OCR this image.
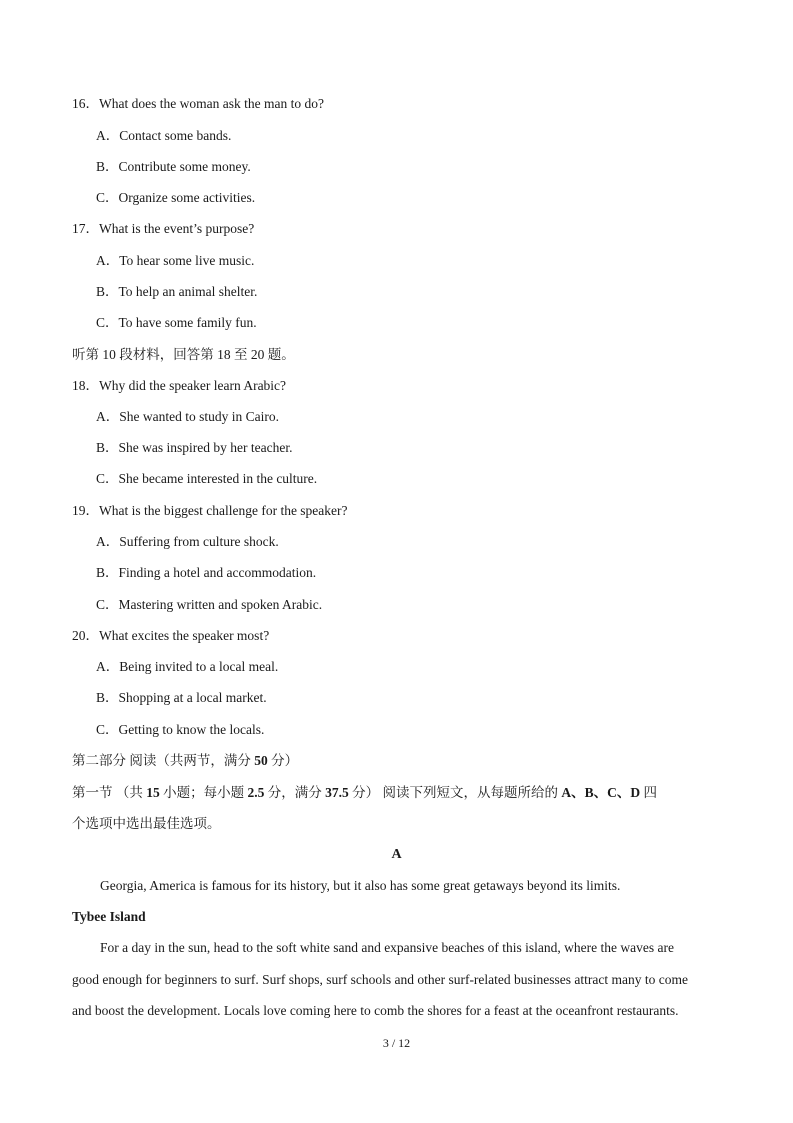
16．What does the woman ask the man to do?
A．Contact some bands.
B．Contribute some money.
C．Organize some activities.
17．What is the event’s purpose?
A．To hear some live music.
B．To help an animal shelter.
C．To have some family fun.
听第 10 段材料，回答第 18 至 20 题。
18．Why did the speaker learn Arabic?
A．She wanted to study in Cairo.
B．She was inspired by her teacher.
C．She became interested in the culture.
19．What is the biggest challenge for the speaker?
A．Suffering from culture shock.
B．Finding a hotel and accommodation.
C．Mastering written and spoken Arabic.
20．What excites the speaker most?
A．Being invited to a local meal.
B．Shopping at a local market.
C．Getting to know the locals.
第二部分 阅读（共两节，满分 50 分）
第一节 （共 15 小题；每小题 2.5 分，满分 37.5 分） 阅读下列短文，从每题所给的 A、B、C、D 四
个选项中选出最佳选项。
A
Georgia, America is famous for its history, but it also has some great getaways beyond its limits.
Tybee Island
For a day in the sun, head to the soft white sand and expansive beaches of this island, where the waves are
good enough for beginners to surf. Surf shops, surf schools and other surf-related businesses attract many to come
and boost the development. Locals love coming here to comb the shores for a feast at the oceanfront restaurants.
3 / 12
